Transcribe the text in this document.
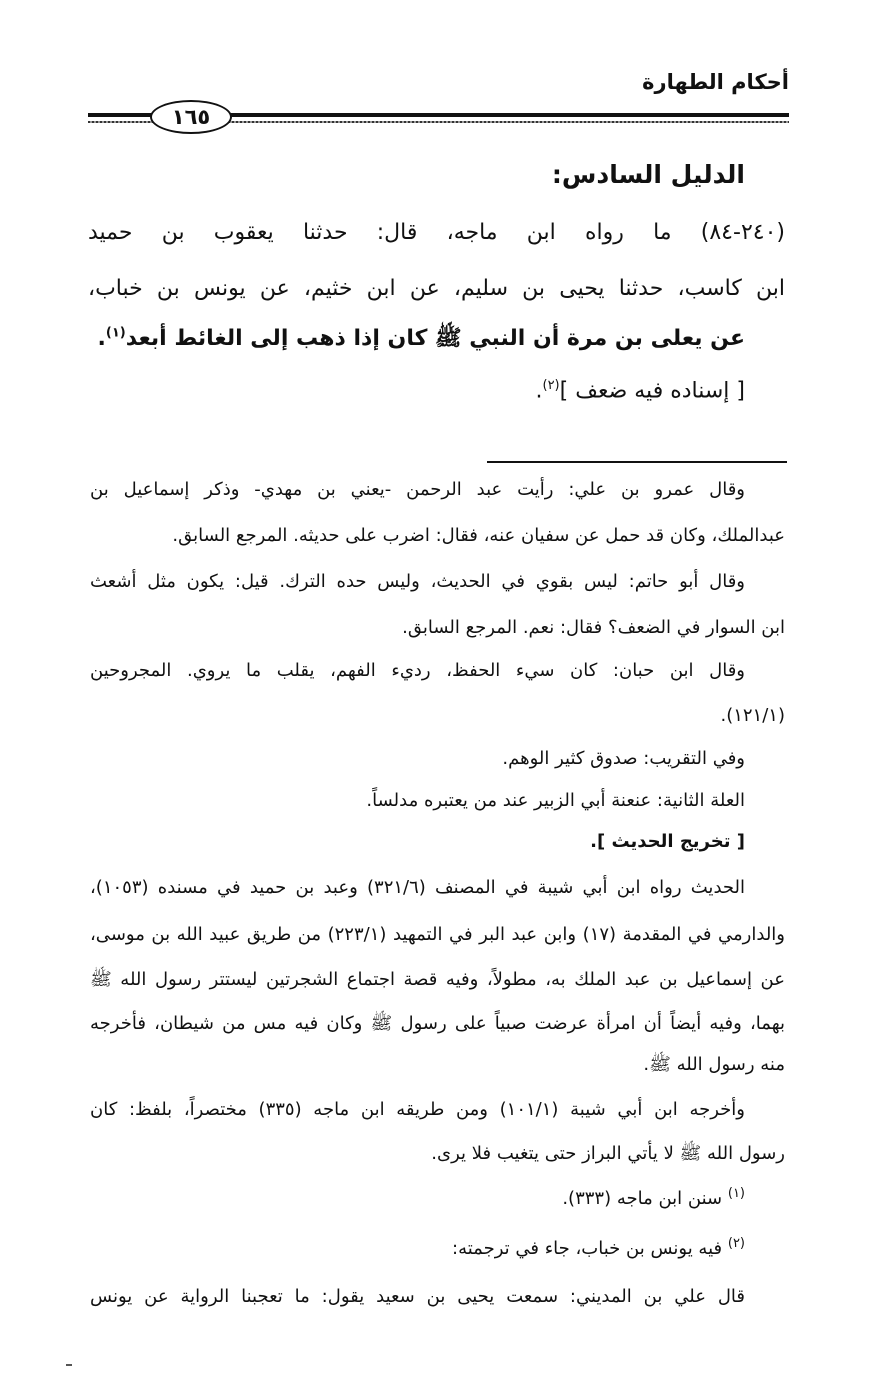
أحكام الطهارة
١٦٥
الدليل السادس:
(٢٤٠-٨٤) ما رواه ابن ماجه، قال: حدثنا يعقوب بن حميد
ابن كاسب، حدثنا يحيى بن سليم، عن ابن خثيم، عن يونس بن خباب،
عن يعلى بن مرة أن النبي ﷺ كان إذا ذهب إلى الغائط أبعد$^{(١)}$.
[ إسناده فيه ضعف ]$^{(٢)}$.
وقال عمرو بن علي: رأيت عبد الرحمن -يعني بن مهدي- وذكر إسماعيل بن
عبدالملك، وكان قد حمل عن سفيان عنه، فقال: اضرب على حديثه. المرجع السابق.
وقال أبو حاتم: ليس بقوي في الحديث، وليس حده الترك. قيل: يكون مثل أشعث
ابن السوار في الضعف؟ فقال: نعم. المرجع السابق.
وقال ابن حبان: كان سيء الحفظ، رديء الفهم، يقلب ما يروي. المجروحين
(١٢١/١).
وفي التقريب: صدوق كثير الوهم.
العلة الثانية: عنعنة أبي الزبير عند من يعتبره مدلساً.
[ تخريج الحديث ].
الحديث رواه ابن أبي شيبة في المصنف (٣٢١/٦) وعبد بن حميد في مسنده (١٠٥٣)،
والدارمي في المقدمة (١٧) وابن عبد البر في التمهيد (٢٢٣/١) من طريق عبيد الله بن موسى،
عن إسماعيل بن عبد الملك به، مطولاً، وفيه قصة اجتماع الشجرتين ليستتر رسول الله ﷺ
بهما، وفيه أيضاً أن امرأة عرضت صبياً على رسول ﷺ وكان فيه مس من شيطان، فأخرجه
منه رسول الله ﷺ.
وأخرجه ابن أبي شيبة (١٠١/١) ومن طريقه ابن ماجه (٣٣٥) مختصراً، بلفظ: كان
رسول الله ﷺ لا يأتي البراز حتى يتغيب فلا يرى.
$^{(١)}$ سنن ابن ماجه (٣٣٣).
$^{(٢)}$ فيه يونس بن خباب، جاء في ترجمته:
قال علي بن المديني: سمعت يحيى بن سعيد يقول: ما تعجبنا الرواية عن يونس
